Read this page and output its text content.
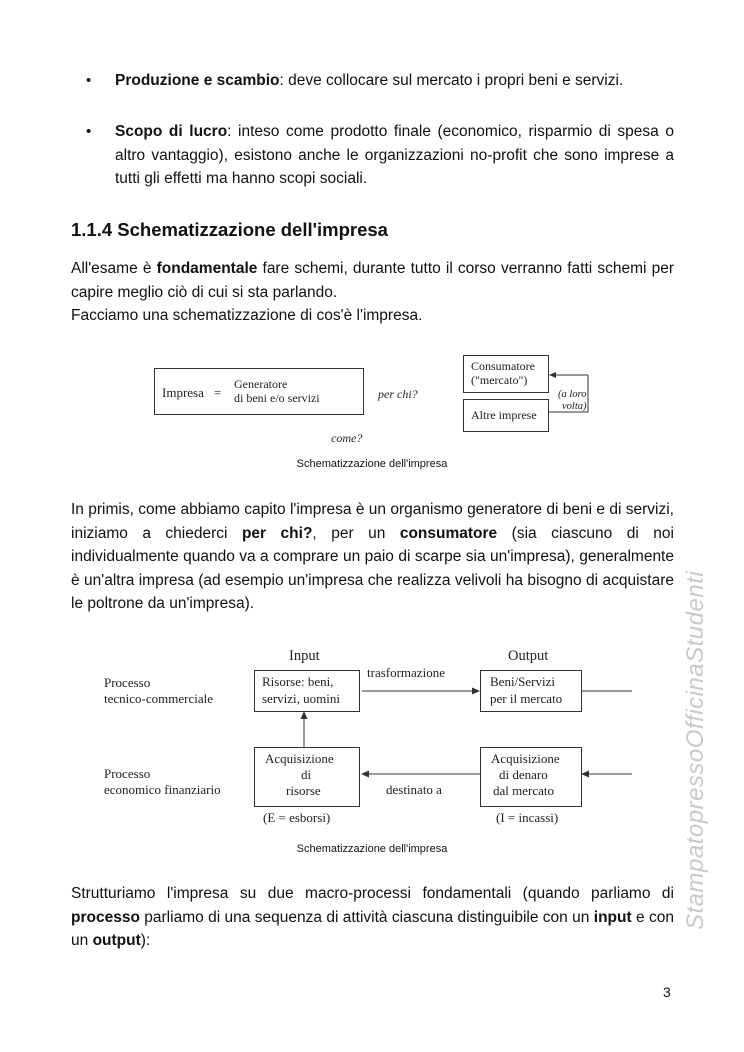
• Produzione e scambio: deve collocare sul mercato i propri beni e servizi.
• Scopo di lucro: inteso come prodotto finale (economico, risparmio di spesa o altro vantaggio), esistono anche le organizzazioni no-profit che sono imprese a tutti gli effetti ma hanno scopi sociali.
1.1.4 Schematizzazione dell'impresa
All'esame è fondamentale fare schemi, durante tutto il corso verranno fatti schemi per capire meglio ciò di cui si sta parlando.
Facciamo una schematizzazione di cos'è l'impresa.
Impresa =
Generatore
di beni e/o servizi	per chi?
come?
Consumatore
("mercato")
Altre imprese
(a loro
volta)
Schematizzazione dell'impresa
In primis, come abbiamo capito l'impresa è un organismo generatore di beni e di servizi, iniziamo a chiederci per chi?, per un consumatore (sia ciascuno di noi individualmente quando va a comprare un paio di scarpe sia un'impresa), generalmente è un'altra impresa (ad esempio un'impresa che realizza velivoli ha bisogno di acquistare le poltrone da un'impresa).
Input	Output
trasformazione
Processo
tecnico-commerciale
Processo
economico finanziario
Risorse: beni,
servizi, uomini
Beni/Servizi
per il mercato
Acquisizione
di
risorse
Acquisizione
di denaro
dal mercato
destinato a
(E = esborsi)	(I = incassi)
Schematizzazione dell'impresa
Strutturiamo l'impresa su due macro-processi fondamentali (quando parliamo di processo parliamo di una sequenza di attività ciascuna distinguibile con un input e con un output):
3
StampatopressoOfficinaStudenti
